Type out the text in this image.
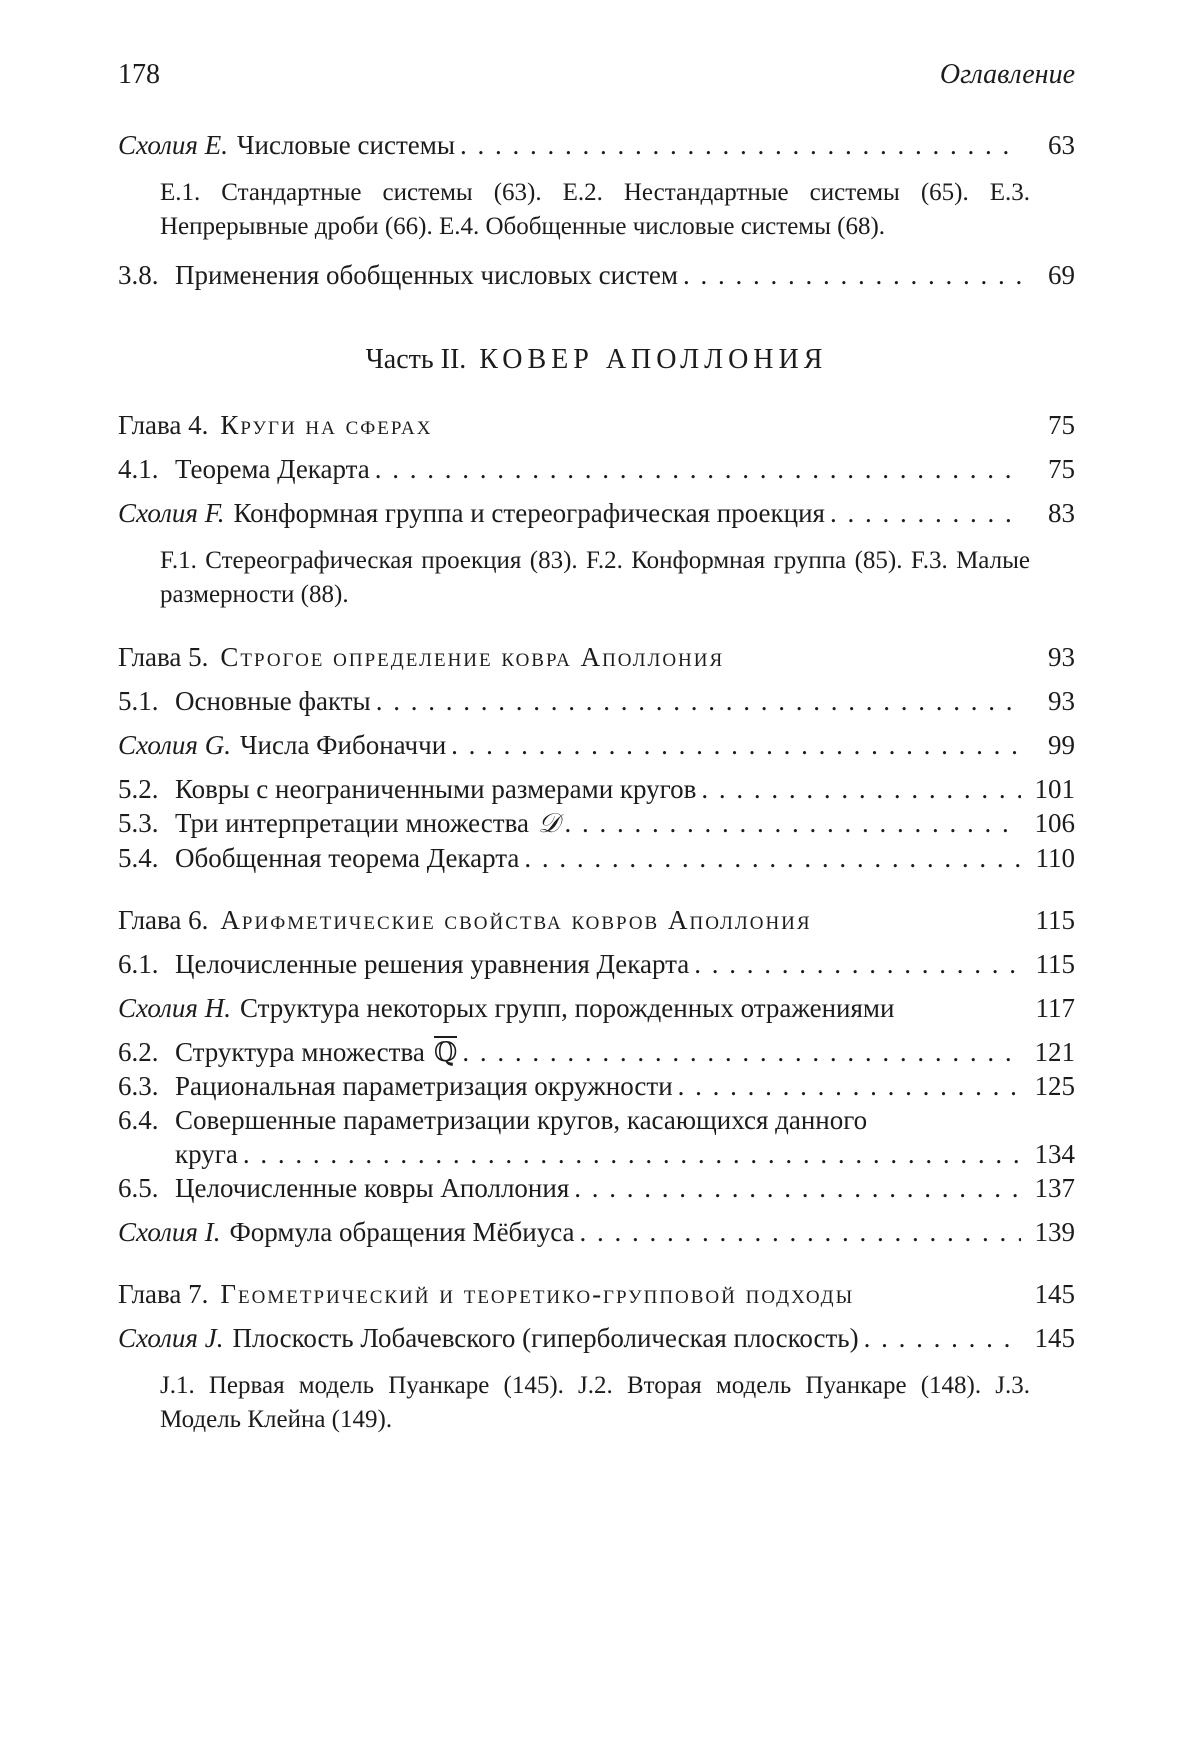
178	Оглавление
Схолия E. Числовые системы . . .	63
E.1. Стандартные системы (63). E.2. Нестандартные системы (65). E.3. Непрерывные дроби (66). E.4. Обобщенные числовые системы (68).
3.8. Применения обобщенных числовых систем . . .	69
Часть II. КОВЕР АПОЛЛОНИЯ
Глава 4. Круги на сферах	75
4.1. Теорема Декарта . . .	75
Схолия F. Конформная группа и стереографическая проекция . . .	83
F.1. Стереографическая проекция (83). F.2. Конформная группа (85). F.3. Малые размерности (88).
Глава 5. Строгое определение ковра Аполлония	93
5.1. Основные факты . . .	93
Схолия G. Числа Фибоначчи . . .	99
5.2. Ковры с неограниченными размерами кругов . . .	101
5.3. Три интерпретации множества 𝒟 . . .	106
5.4. Обобщенная теорема Декарта . . .	110
Глава 6. Арифметические свойства ковров Аполлония	115
6.1. Целочисленные решения уравнения Декарта . . .	115
Схолия H. Структура некоторых групп, порожденных отражениями	117
6.2. Структура множества ℚ . . .	121
6.3. Рациональная параметризация окружности . . .	125
6.4. Совершенные параметризации кругов, касающихся данного
круга . . .	134
6.5. Целочисленные ковры Аполлония . . .	137
Схолия I. Формула обращения Мёбиуса . . .	139
Глава 7. Геометрический и теоретико-групповой подходы	145
Схолия J. Плоскость Лобачевского (гиперболическая плоскость) . . .	145
J.1. Первая модель Пуанкаре (145). J.2. Вторая модель Пуанкаре (148). J.3. Модель Клейна (149).
